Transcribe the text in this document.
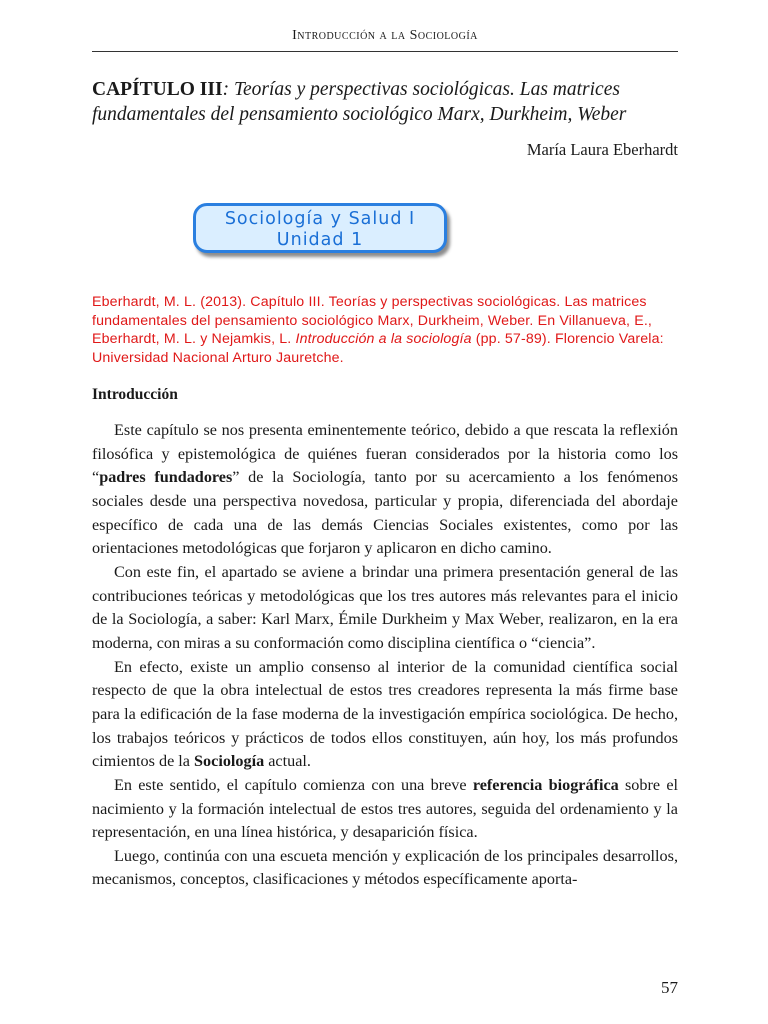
Introducción a la Sociología
CAPÍTULO III: Teorías y perspectivas sociológicas. Las matrices fundamentales del pensamiento sociológico Marx, Durkheim, Weber
María Laura Eberhardt
Sociología y Salud I
Unidad 1
Eberhardt, M. L. (2013). Capítulo III. Teorías y perspectivas sociológicas. Las matrices fundamentales del pensamiento sociológico Marx, Durkheim, Weber. En Villanueva, E., Eberhardt, M. L. y Nejamkis, L. Introducción a la sociología (pp. 57-89). Florencio Varela: Universidad Nacional Arturo Jauretche.
Introducción

Este capítulo se nos presenta eminentemente teórico, debido a que rescata la reflexión filosófica y epistemológica de quiénes fueran considerados por la historia como los “padres fundadores” de la Sociología, tanto por su acercamiento a los fenómenos sociales desde una perspectiva novedosa, particular y propia, diferenciada del abordaje específico de cada una de las demás Ciencias Sociales existentes, como por las orientaciones metodológicas que forjaron y aplicaron en dicho camino.

Con este fin, el apartado se aviene a brindar una primera presentación general de las contribuciones teóricas y metodológicas que los tres autores más relevantes para el inicio de la Sociología, a saber: Karl Marx, Émile Durkheim y Max Weber, realizaron, en la era moderna, con miras a su conformación como disciplina científica o “ciencia”.

En efecto, existe un amplio consenso al interior de la comunidad científica social respecto de que la obra intelectual de estos tres creadores representa la más firme base para la edificación de la fase moderna de la investigación empírica sociológica. De hecho, los trabajos teóricos y prácticos de todos ellos constituyen, aún hoy, los más profundos cimientos de la Sociología actual.

En este sentido, el capítulo comienza con una breve referencia biográfica sobre el nacimiento y la formación intelectual de estos tres autores, seguida del ordenamiento y la representación, en una línea histórica, y desaparición física.

Luego, continúa con una escueta mención y explicación de los principales desarrollos, mecanismos, conceptos, clasificaciones y métodos específicamente aporta-

57
